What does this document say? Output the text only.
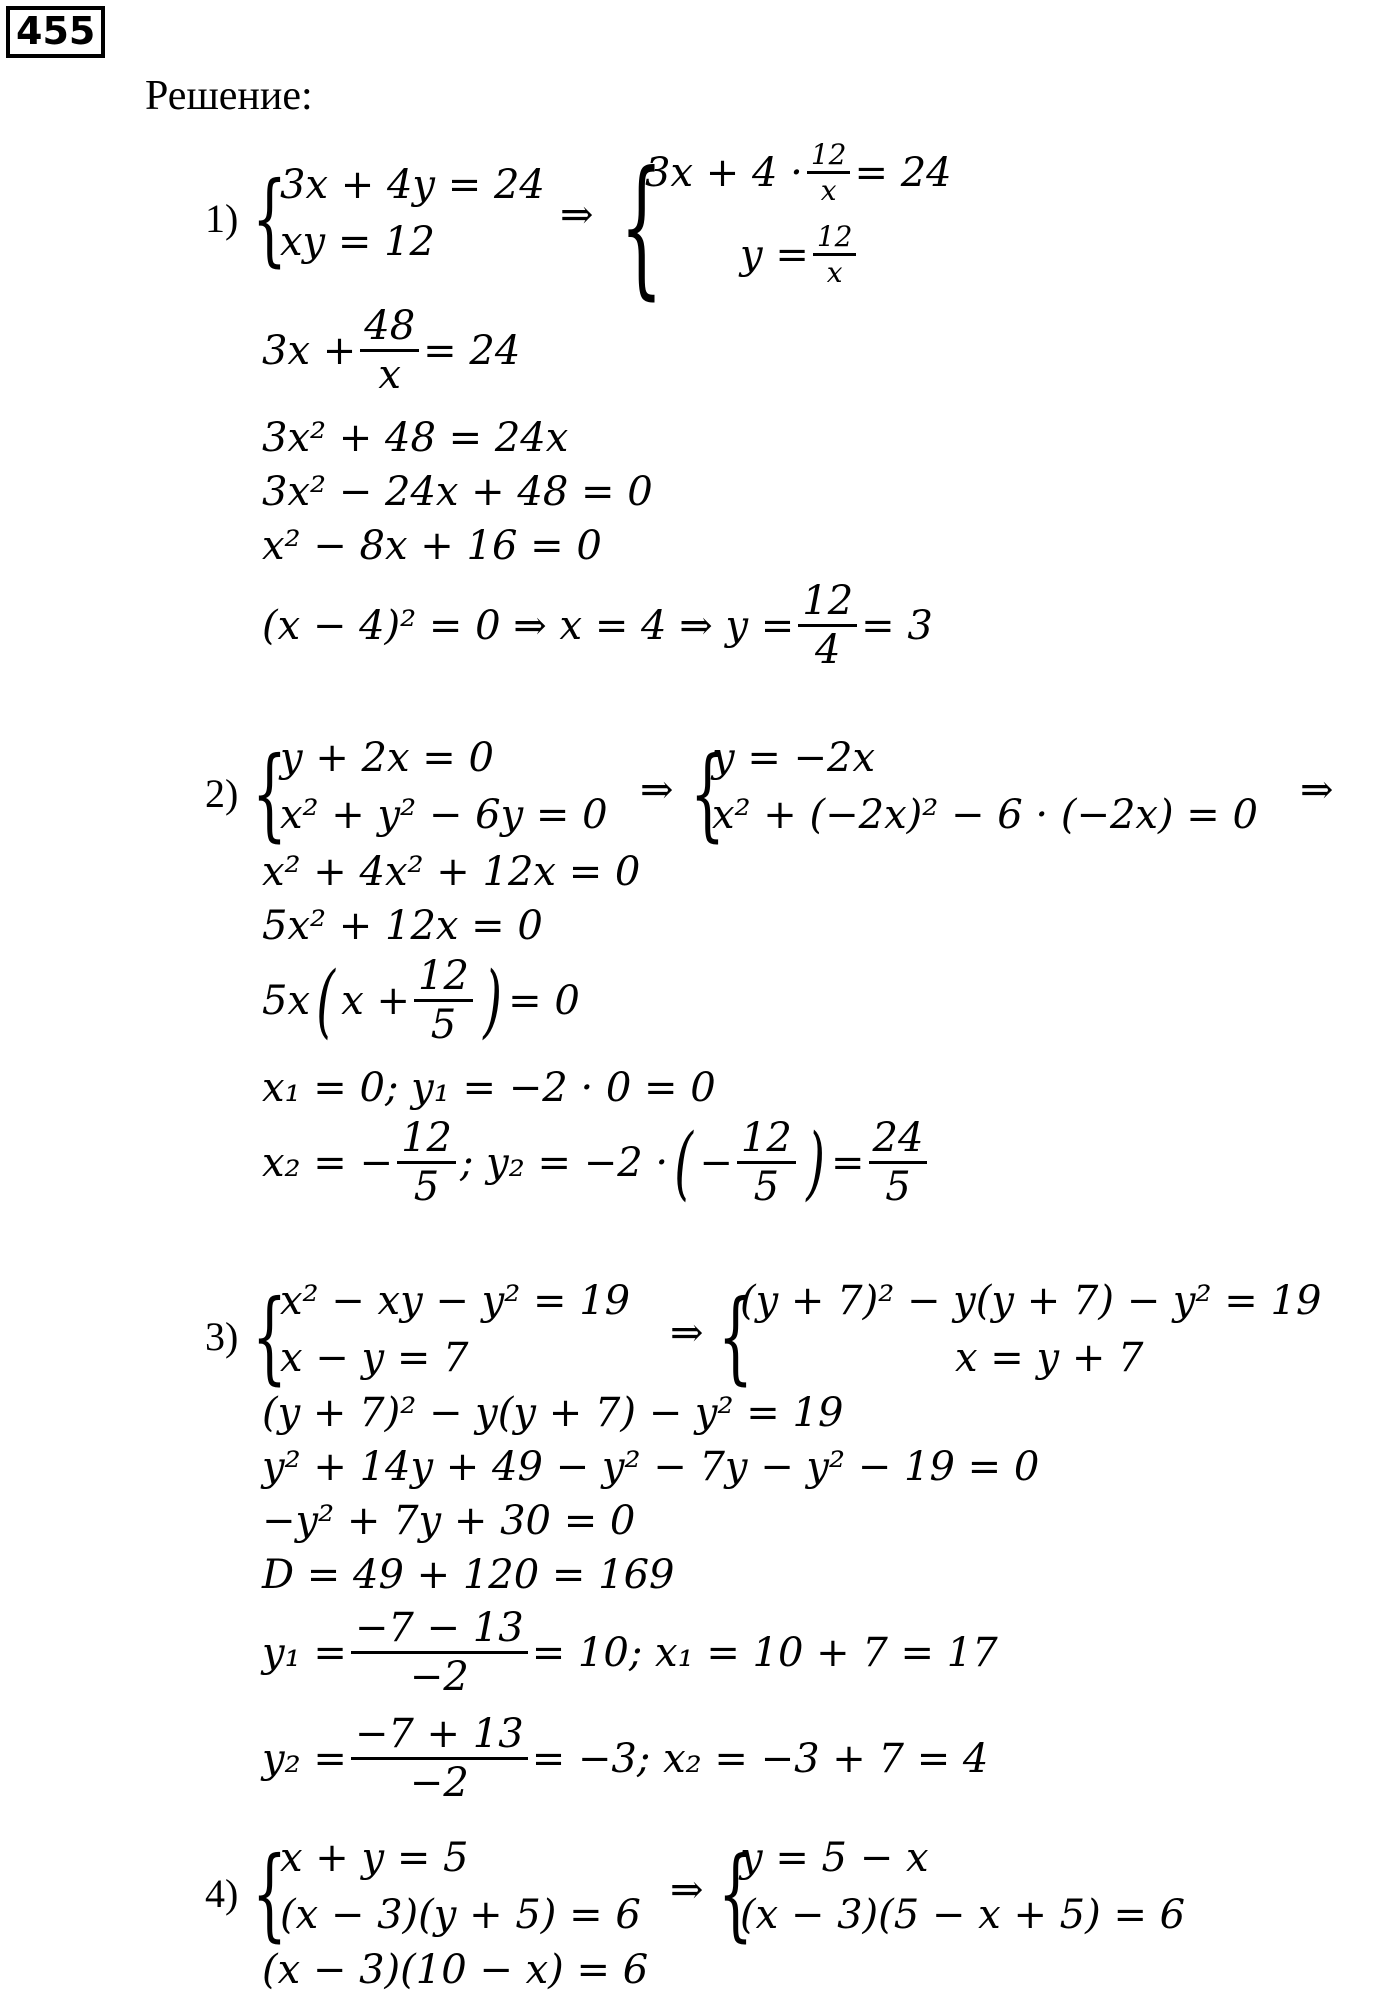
455
Решение:
1) {
3x + 4y = 24
xy = 12
⇒ {
$3x + 4 \cdot \frac{12}{x} = 24$
$y = \frac{12}{x}$
$3x + \frac{48}{x} = 24$
3x² + 48 = 24x
3x² − 24x + 48 = 0
x² − 8x + 16 = 0
(x − 4)² = 0 ⇒ x = 4 ⇒ $y = \frac{12}{4} = 3$
2) {
y + 2x = 0
x² + y² − 6y = 0
⇒ {
y = −2x
x² + (−2x)² − 6 · (−2x) = 0
⇒
x² + 4x² + 12x = 0
5x² + 12x = 0
5x ( $x + \frac{12}{5}$ ) = 0
x₁ = 0; y₁ = −2 · 0 = 0
x₂ = − $\frac{12}{5}$ ; y₂ = −2 · ( − $\frac{12}{5}$ ) = $\frac{24}{5}$
3) {
x² − xy − y² = 19
x − y = 7
⇒ {
(y + 7)² − y(y + 7) − y² = 19
x = y + 7
(y + 7)² − y(y + 7) − y² = 19
y² + 14y + 49 − y² − 7y − y² − 19 = 0
−y² + 7y + 30 = 0
D = 49 + 120 = 169
$y_1 = \frac{-7 - 13}{-2} = 10$; x₁ = 10 + 7 = 17
$y_2 = \frac{-7 + 13}{-2} = -3$; x₂ = −3 + 7 = 4
4) {
x + y = 5
(x − 3)(y + 5) = 6
⇒ {
y = 5 − x
(x − 3)(5 − x + 5) = 6
(x − 3)(10 − x) = 6
